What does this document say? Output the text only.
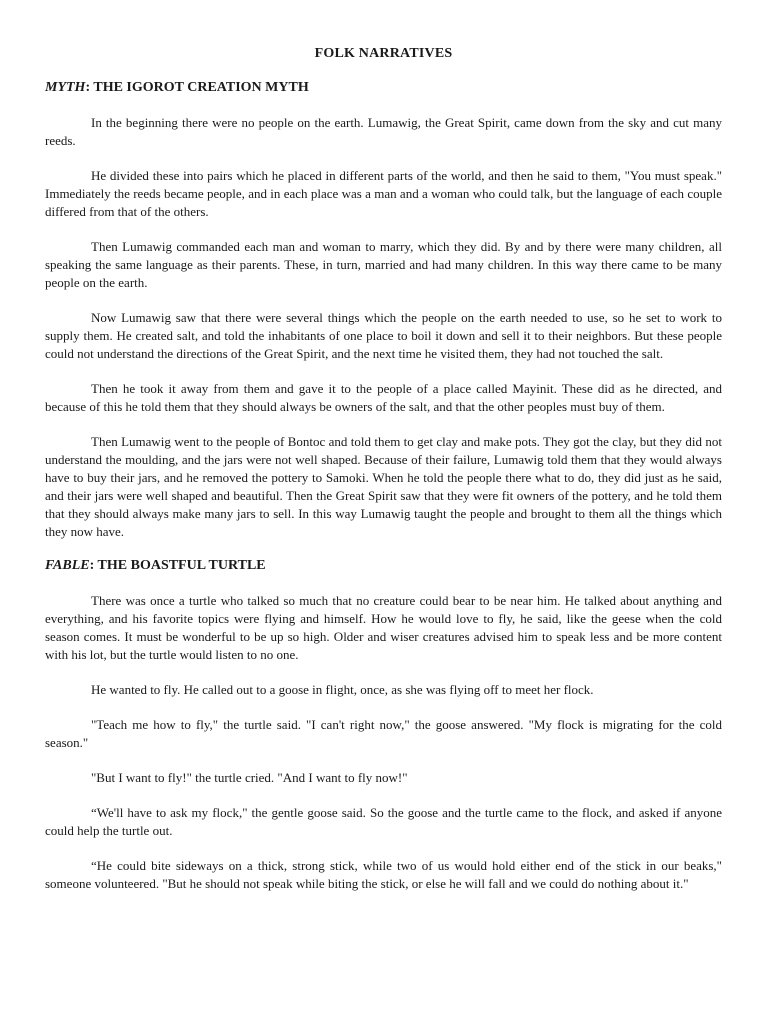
FOLK NARRATIVES
MYTH: THE IGOROT CREATION MYTH

In the beginning there were no people on the earth. Lumawig, the Great Spirit, came down from the sky and cut many reeds.

He divided these into pairs which he placed in different parts of the world, and then he said to them, "You must speak." Immediately the reeds became people, and in each place was a man and a woman who could talk, but the language of each couple differed from that of the others.

Then Lumawig commanded each man and woman to marry, which they did. By and by there were many children, all speaking the same language as their parents. These, in turn, married and had many children. In this way there came to be many people on the earth.

Now Lumawig saw that there were several things which the people on the earth needed to use, so he set to work to supply them. He created salt, and told the inhabitants of one place to boil it down and sell it to their neighbors. But these people could not understand the directions of the Great Spirit, and the next time he visited them, they had not touched the salt.

Then he took it away from them and gave it to the people of a place called Mayinit. These did as he directed, and because of this he told them that they should always be owners of the salt, and that the other peoples must buy of them.

Then Lumawig went to the people of Bontoc and told them to get clay and make pots. They got the clay, but they did not understand the moulding, and the jars were not well shaped. Because of their failure, Lumawig told them that they would always have to buy their jars, and he removed the pottery to Samoki. When he told the people there what to do, they did just as he said, and their jars were well shaped and beautiful. Then the Great Spirit saw that they were fit owners of the pottery, and he told them that they should always make many jars to sell. In this way Lumawig taught the people and brought to them all the things which they now have.

FABLE: THE BOASTFUL TURTLE

There was once a turtle who talked so much that no creature could bear to be near him. He talked about anything and everything, and his favorite topics were flying and himself. How he would love to fly, he said, like the geese when the cold season comes. It must be wonderful to be up so high. Older and wiser creatures advised him to speak less and be more content with his lot, but the turtle would listen to no one.

He wanted to fly. He called out to a goose in flight, once, as she was flying off to meet her flock.

"Teach me how to fly," the turtle said. "I can't right now," the goose answered. "My flock is migrating for the cold season."

"But I want to fly!" the turtle cried. "And I want to fly now!"

“We'll have to ask my flock," the gentle goose said. So the goose and the turtle came to the flock, and asked if anyone could help the turtle out.

“He could bite sideways on a thick, strong stick, while two of us would hold either end of the stick in our beaks," someone volunteered. "But he should not speak while biting the stick, or else he will fall and we could do nothing about it."
